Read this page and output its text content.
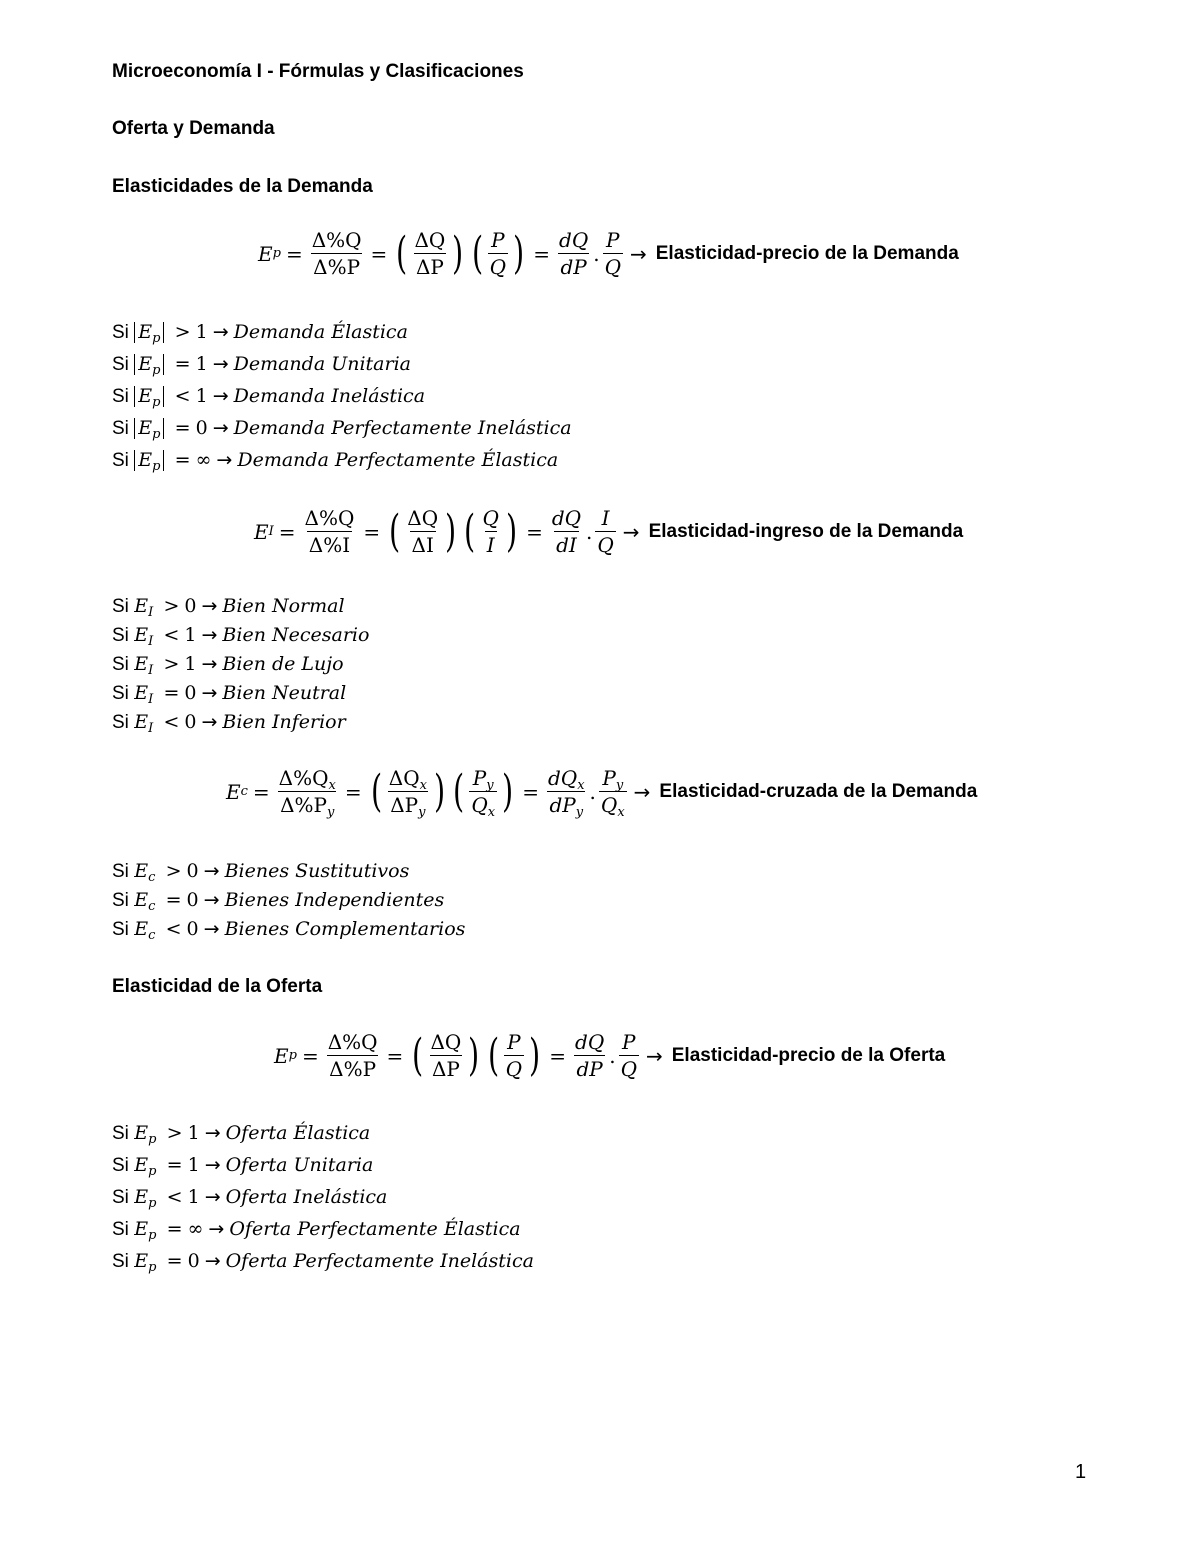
Microeconomía I - Fórmulas y Clasificaciones
Oferta y Demanda
Elasticidades de la Demanda
E $p = \frac{\Delta\%Q}{\Delta\%P}$ = ( $\frac{\Delta Q}{\Delta P}$ ) ( $\frac{P}{Q}$ ) = $\frac{dQ}{dP}$ . $\frac{P}{Q}$ → Elasticidad-precio de la Demanda
Si $E_p > 1$ → Demanda Élastica
Si $E_p = 1$ → Demanda Unitaria
Si $E_p < 1$ → Demanda Inelástica
Si $E_p = 0$ → Demanda Perfectamente Inelástica
Si $E_p$ = ∞ → Demanda Perfectamente Élastica
E $I = \frac{\Delta\%Q}{\Delta\%I}$ = ( $\frac{\Delta Q}{\Delta I}$ ) ( $\frac{Q}{I}$ ) = $\frac{dQ}{dI}$ . $\frac{I}{Q}$ → Elasticidad-ingreso de la Demanda
Si $E_I > 0$ → Bien Normal
Si $E_I < 1$ → Bien Necesario
Si $E_I > 1$ → Bien de Lujo
Si $E_I = 0$ → Bien Neutral
Si $E_I < 0$ → Bien Inferior
E $c = \frac{\Delta\%Q_x}{\Delta\%P_y}$ = ( $\frac{\Delta Q_x}{\Delta P_y}$ ) ( $\frac{P_y}{Q_x}$ ) = $\frac{dQ_x}{dP_y}$ . $\frac{P_y}{Q_x}$ → Elasticidad-cruzada de la Demanda
Si $E_c > 0$ → Bienes Sustitutivos
Si $E_c = 0$ → Bienes Independientes
Si $E_c < 0$ → Bienes Complementarios
Elasticidad de la Oferta
E $p = \frac{\Delta\%Q}{\Delta\%P}$ = ( $\frac{\Delta Q}{\Delta P}$ ) ( $\frac{P}{Q}$ ) = $\frac{dQ}{dP}$ . $\frac{P}{Q}$ → Elasticidad-precio de la Oferta
Si $E_p > 1$ → Oferta Élastica
Si $E_p = 1$ → Oferta Unitaria
Si $E_p < 1$ → Oferta Inelástica
Si $E_p$ = ∞ → Oferta Perfectamente Élastica
Si $E_p = 0$ → Oferta Perfectamente Inelástica
1
